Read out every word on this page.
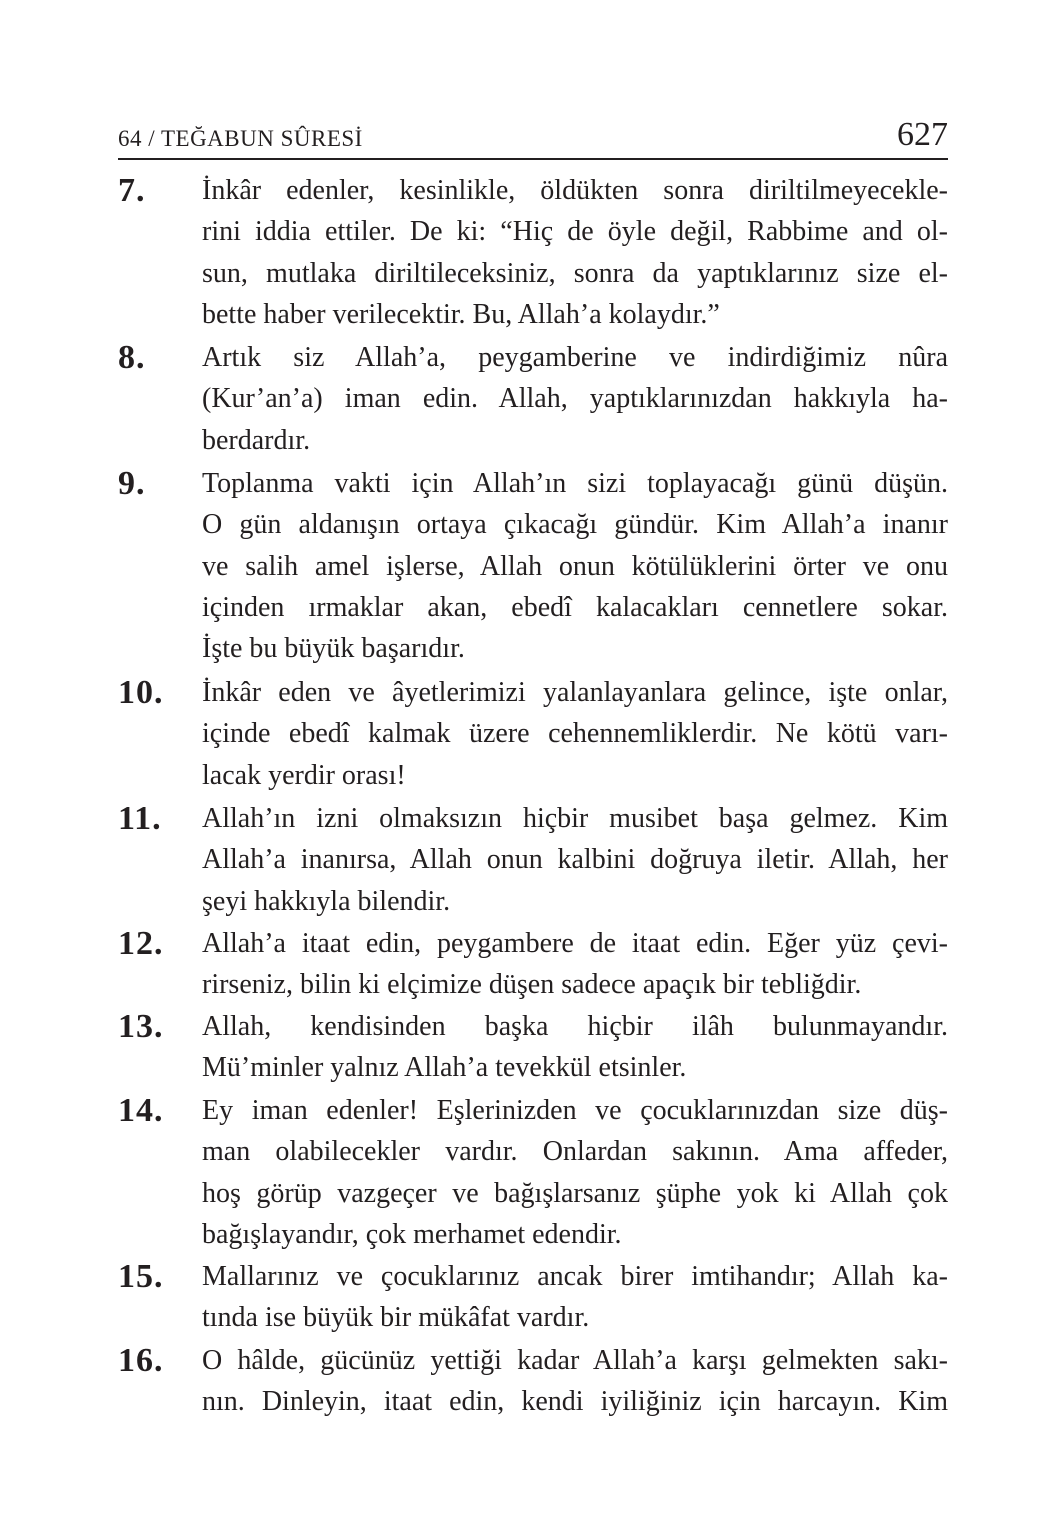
64 / TEĞABUN SÛRESİ	627
7. İnkâr edenler, kesinlikle, öldükten sonra diriltilmeyecekle-
rini iddia ettiler. De ki: “Hiç de öyle değil, Rabbime and ol-
sun, mutlaka diriltileceksiniz, sonra da yaptıklarınız size el-
bette haber verilecektir. Bu, Allah’a kolaydır.”
8. Artık siz Allah’a, peygamberine ve indirdiğimiz nûra
(Kur’an’a) iman edin. Allah, yaptıklarınızdan hakkıyla ha-
berdardır.
9. Toplanma vakti için Allah’ın sizi toplayacağı günü düşün.
O gün aldanışın ortaya çıkacağı gündür. Kim Allah’a inanır
ve salih amel işlerse, Allah onun kötülüklerini örter ve onu
içinden ırmaklar akan, ebedî kalacakları cennetlere sokar.
İşte bu büyük başarıdır.
10. İnkâr eden ve âyetlerimizi yalanlayanlara gelince, işte onlar,
içinde ebedî kalmak üzere cehennemliklerdir. Ne kötü varı-
lacak yerdir orası!
11. Allah’ın izni olmaksızın hiçbir musibet başa gelmez. Kim
Allah’a inanırsa, Allah onun kalbini doğruya iletir. Allah, her
şeyi hakkıyla bilendir.
12. Allah’a itaat edin, peygambere de itaat edin. Eğer yüz çevi-
rirseniz, bilin ki elçimize düşen sadece apaçık bir tebliğdir.
13. Allah, kendisinden başka hiçbir ilâh bulunmayandır.
Mü’minler yalnız Allah’a tevekkül etsinler.
14. Ey iman edenler! Eşlerinizden ve çocuklarınızdan size düş-
man olabilecekler vardır. Onlardan sakının. Ama affeder,
hoş görüp vazgeçer ve bağışlarsanız şüphe yok ki Allah çok
bağışlayandır, çok merhamet edendir.
15. Mallarınız ve çocuklarınız ancak birer imtihandır; Allah ka-
tında ise büyük bir mükâfat vardır.
16. O hâlde, gücünüz yettiği kadar Allah’a karşı gelmekten sakı-
nın. Dinleyin, itaat edin, kendi iyiliğiniz için harcayın. Kim
